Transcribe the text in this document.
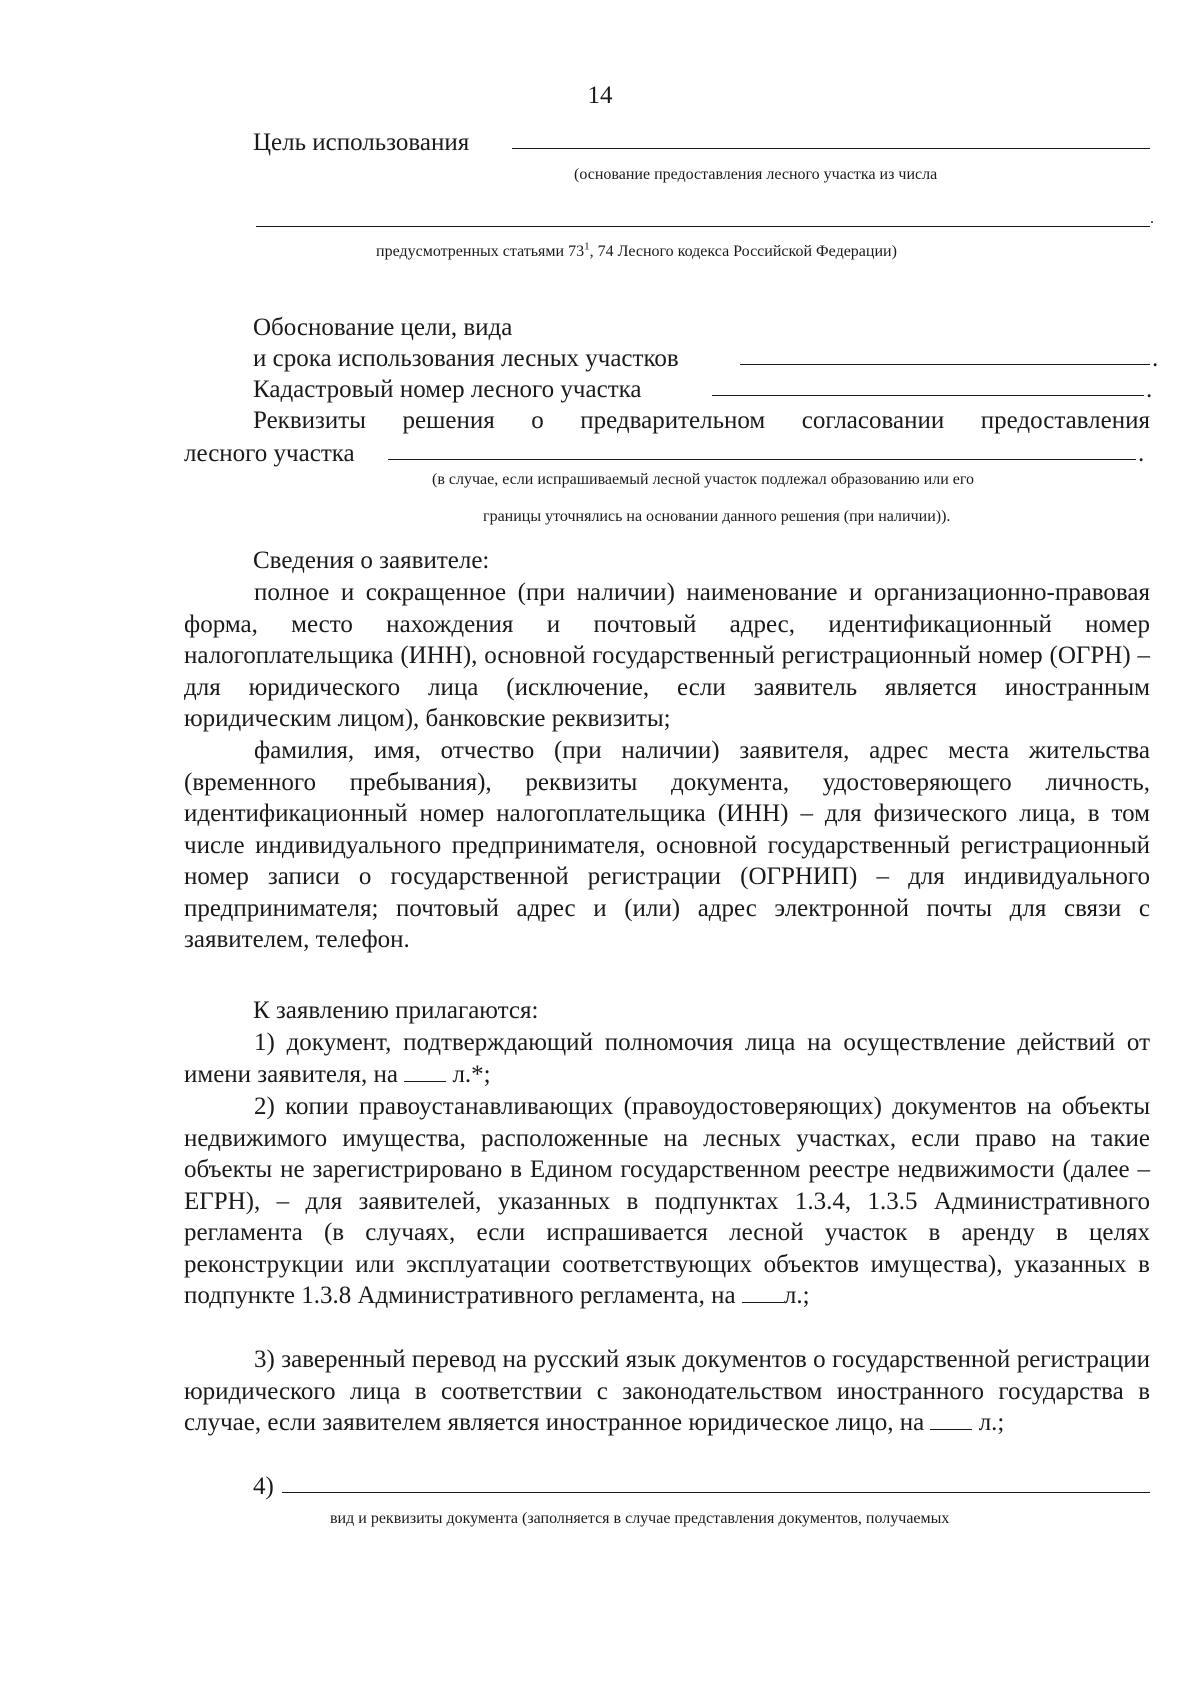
14
Цель использования
(основание предоставления лесного участка из числа
.
предусмотренных статьями $73^1$, 74 Лесного кодекса Российской Федерации)
Обоснование цели, вида
и срока использования лесных участков	.
Кадастровый номер лесного участка	.
Реквизиты решения о предварительном согласовании предоставления
лесного участка	.
(в случае, если испрашиваемый лесной участок подлежал образованию или его
границы уточнялись на основании данного решения (при наличии)).
Сведения о заявителе:
полное и сокращенное (при наличии) наименование и организационно-правовая форма, место нахождения и почтовый адрес, идентификационный номер налогоплательщика (ИНН), основной государственный регистрационный номер (ОГРН) – для юридического лица (исключение, если заявитель является иностранным юридическим лицом), банковские реквизиты;
фамилия, имя, отчество (при наличии) заявителя, адрес места жительства (временного пребывания), реквизиты документа, удостоверяющего личность, идентификационный номер налогоплательщика (ИНН) – для физического лица, в том числе индивидуального предпринимателя, основной государственный регистрационный номер записи о государственной регистрации (ОГРНИП) – для индивидуального предпринимателя; почтовый адрес и (или) адрес электронной почты для связи с заявителем, телефон.
К заявлению прилагаются:
1) документ, подтверждающий полномочия лица на осуществление действий от имени заявителя, на  л.*;
2) копии правоустанавливающих (правоудостоверяющих) документов на объекты недвижимого имущества, расположенные на лесных участках, если право на такие объекты не зарегистрировано в Едином государственном реестре недвижимости (далее – ЕГРН), – для заявителей, указанных в подпунктах 1.3.4, 1.3.5 Административного регламента (в случаях, если испрашивается лесной участок в аренду в целях реконструкции или эксплуатации соответствующих объектов имущества), указанных в подпункте 1.3.8 Административного регламента, на л.;
3) заверенный перевод на русский язык документов о государственной регистрации юридического лица в соответствии с законодательством иностранного государства в случае, если заявителем является иностранное юридическое лицо, на  л.;
4)
вид и реквизиты документа (заполняется в случае представления документов, получаемых
